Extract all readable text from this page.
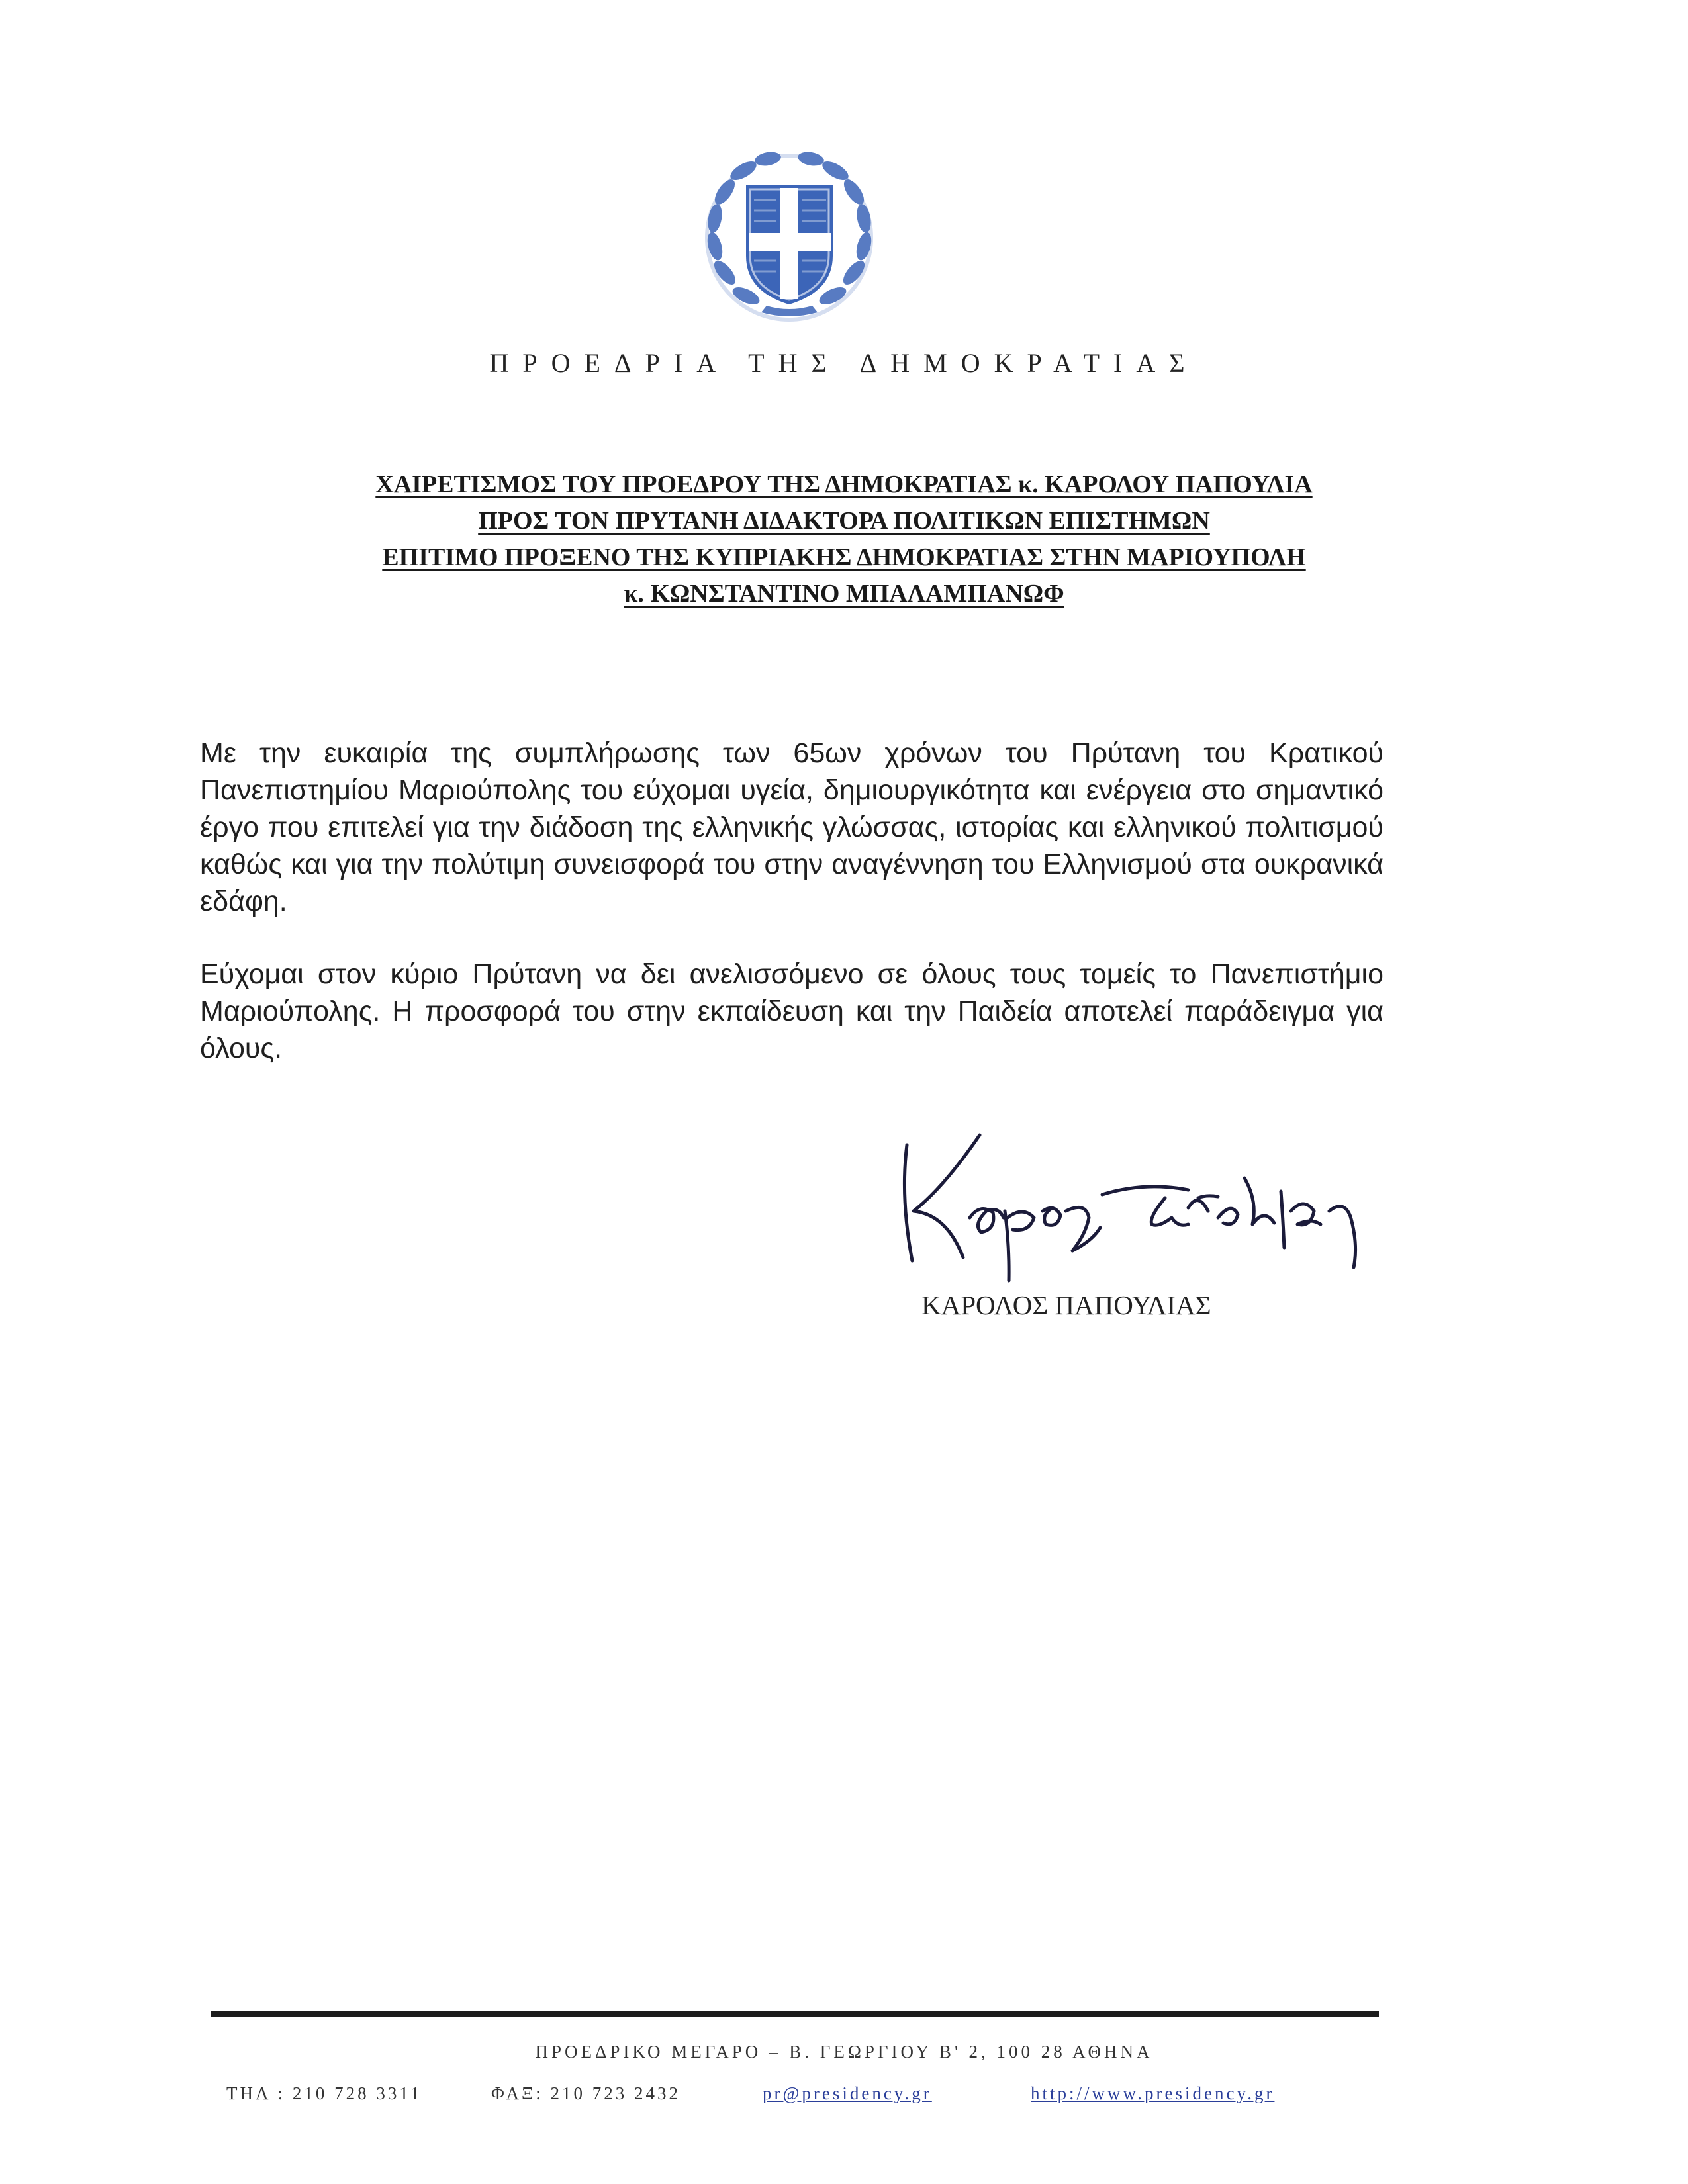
ΠΡΟΕΔΡΙΑ ΤΗΣ ΔΗΜΟΚΡΑΤΙΑΣ
ΧΑΙΡΕΤΙΣΜΟΣ ΤΟΥ ΠΡΟΕΔΡΟΥ ΤΗΣ ΔΗΜΟΚΡΑΤΙΑΣ κ. ΚΑΡΟΛΟΥ ΠΑΠΟΥΛΙΑ
ΠΡΟΣ ΤΟΝ ΠΡΥΤΑΝΗ ΔΙΔΑΚΤΟΡΑ ΠΟΛΙΤΙΚΩΝ ΕΠΙΣΤΗΜΩΝ
ΕΠΙΤΙΜΟ ΠΡΟΞΕΝΟ ΤΗΣ ΚΥΠΡΙΑΚΗΣ ΔΗΜΟΚΡΑΤΙΑΣ ΣΤΗΝ ΜΑΡΙΟΥΠΟΛΗ
κ. ΚΩΝΣΤΑΝΤΙΝΟ ΜΠΑΛΑΜΠΑΝΩΦ

Με την ευκαιρία της συμπλήρωσης των 65ων χρόνων του Πρύτανη του Κρατικού Πανεπιστημίου Μαριούπολης του εύχομαι υγεία, δημιουργικότητα και ενέργεια στο σημαντικό έργο που επιτελεί για την διάδοση της ελληνικής γλώσσας, ιστορίας και ελληνικού πολιτισμού καθώς και για την πολύτιμη συνεισφορά του στην αναγέννηση του Ελληνισμού στα ουκρανικά εδάφη.

Εύχομαι στον κύριο Πρύτανη να δει ανελισσόμενο σε όλους τους τομείς το Πανεπιστήμιο Μαριούπολης. Η προσφορά του στην εκπαίδευση και την Παιδεία αποτελεί παράδειγμα για όλους.

ΚΑΡΟΛΟΣ ΠΑΠΟΥΛΙΑΣ
ΠΡΟΕΔΡΙΚΟ ΜΕΓΑΡΟ – Β. ΓΕΩΡΓΙΟΥ Β' 2, 100 28 ΑΘΗΝΑ
ΤΗΛ : 210 728 3311	ΦΑΞ: 210 723 2432	pr@presidency.gr	http://www.presidency.gr
